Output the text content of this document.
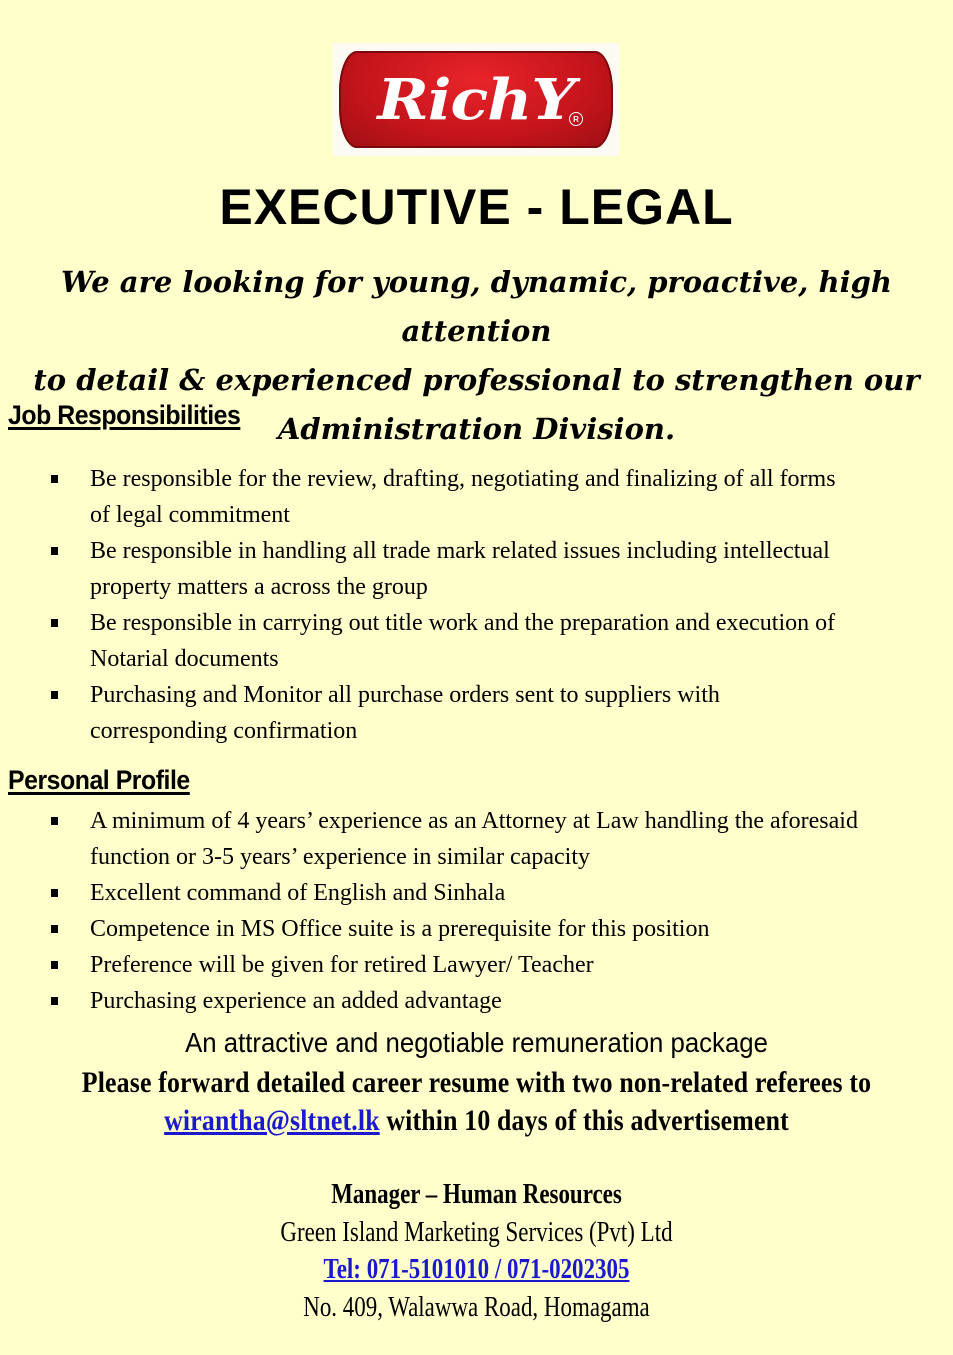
RichY
R
EXECUTIVE - LEGAL
We are looking for young, dynamic, proactive, high attention
to detail & experienced professional to strengthen our
Administration Division.
Job Responsibilities
Be responsible for the review, drafting, negotiating and finalizing of all forms of legal commitment
Be responsible in handling all trade mark related issues including intellectual property matters a across the group
Be responsible in carrying out title work and the preparation and execution of Notarial documents
Purchasing and Monitor all purchase orders sent to suppliers with corresponding confirmation
Personal Profile
A minimum of 4 years’ experience as an Attorney at Law handling the aforesaid function or 3-5 years’ experience in similar capacity
Excellent command of English and Sinhala
Competence in MS Office suite is a prerequisite for this position
Preference will be given for retired Lawyer/ Teacher
Purchasing experience an added advantage
An attractive and negotiable remuneration package
Please forward detailed career resume with two non-related referees to
wirantha@sltnet.lk within 10 days of this advertisement
Manager – Human Resources
Green Island Marketing Services (Pvt) Ltd
Tel: 071-5101010 / 071-0202305
No. 409, Walawwa Road, Homagama
